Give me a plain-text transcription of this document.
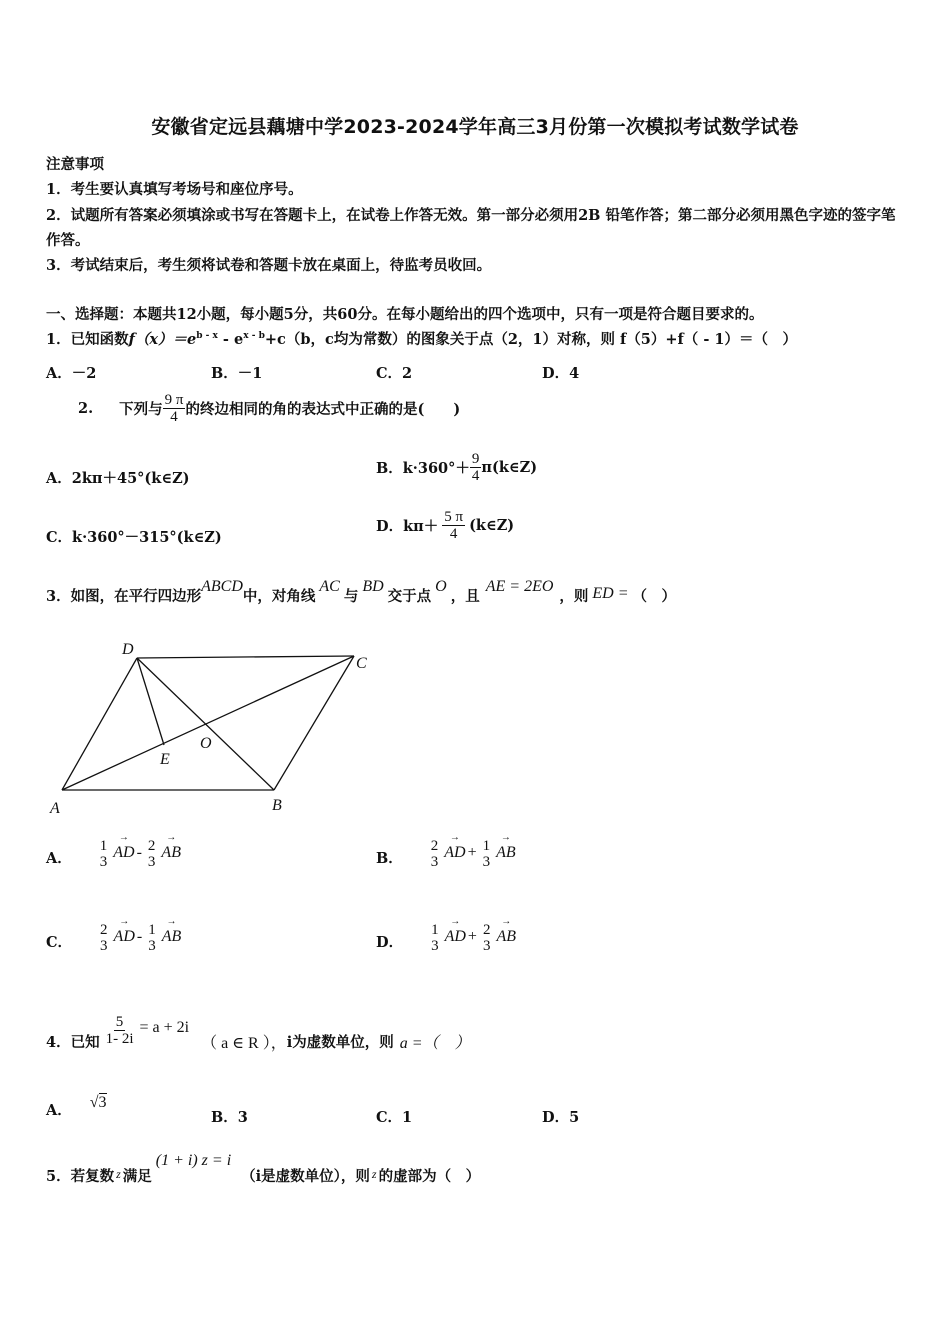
安徽省定远县藕塘中学2023-2024学年高三3月份第一次模拟考试数学试卷
注意事项
1．考生要认真填写考场号和座位序号。
2．试题所有答案必须填涂或书写在答题卡上，在试卷上作答无效。第一部分必须用2B 铅笔作答；第二部分必须用黑色字迹的签字笔作答。
3．考试结束后，考生须将试卷和答题卡放在桌面上，待监考员收回。
一、选择题：本题共12小题，每小题5分，共60分。在每小题给出的四个选项中，只有一项是符合题目要求的。
1．已知函数$f(x)=e^{b - x} - e^{x - b}+c(b$，c均为常数）的图象关于点（2，1）对称，则 f（5）+f（ - 1）＝（　）
A．－2	B．－1	C．2	D．4
2. 下列与 $\frac{9 \pi}{4}$ 的终边相同的角的表达式中正确的是(　　)
A．2kπ＋45°(k∈Z)
B．$k\cdot 360^\circ+ \frac{9}{4}$ π(k∈Z)
C．k·360°－315°(k∈Z)
D．$k\pi+ \frac{5 \pi}{4}$ (k∈Z)
3．如图，在平行四边形
ABCD
中，对角线
AC
与
BD
交于点
O
，且
AE = 2EO
，则 ED = （　）
A	B
C
D
E
O
A．
1
3
→ AD - 2
3
→ AB	B．
2
3
→ AD + 1
3
→ AB
C．
2
3
→ AD - 1
3
→ AB	D．
1
3
→ AD + 2
3
→ AB
4．已知 $\frac{5}{1- 2i} = a + 2i$
（ a ∈ R ）， i为虚数单位，则 a =（　）
A． √3
B．3	C．1	D．5
5．若复数 z 满足
(1 + i) z = i
（i是虚数单位），则 z 的虚部为（　）
